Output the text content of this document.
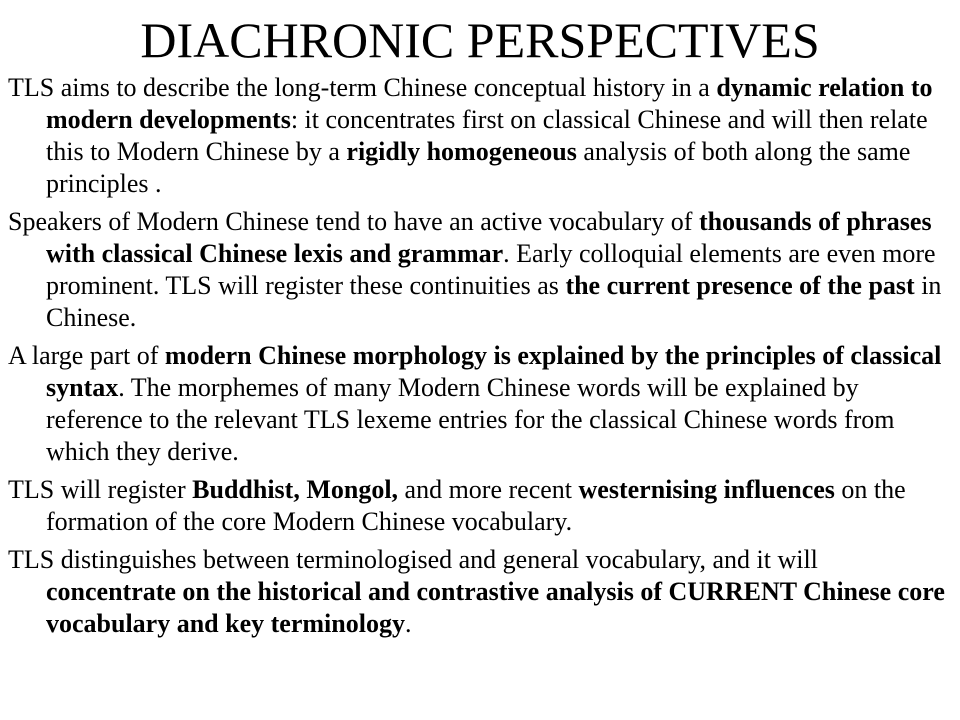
DIACHRONIC PERSPECTIVES

TLS aims to describe the long-term Chinese conceptual history in a dynamic relation to modern developments: it concentrates first on classical Chinese and will then relate this to Modern Chinese by a rigidly homogeneous analysis of both along the same principles .

Speakers of Modern Chinese tend to have an active vocabulary of thousands of phrases with classical Chinese lexis and grammar. Early colloquial elements are even more prominent. TLS will register these continuities as the current presence of the past in Chinese.

A large part of modern Chinese morphology is explained by the principles of classical syntax. The morphemes of many Modern Chinese words will be explained by reference to the relevant TLS lexeme entries for the classical Chinese words from which they derive.

TLS will register Buddhist, Mongol, and more recent westernising influences on the formation of the core Modern Chinese vocabulary.

TLS distinguishes between terminologised and general vocabulary, and it will concentrate on the historical and contrastive analysis of CURRENT Chinese core vocabulary and key terminology.
